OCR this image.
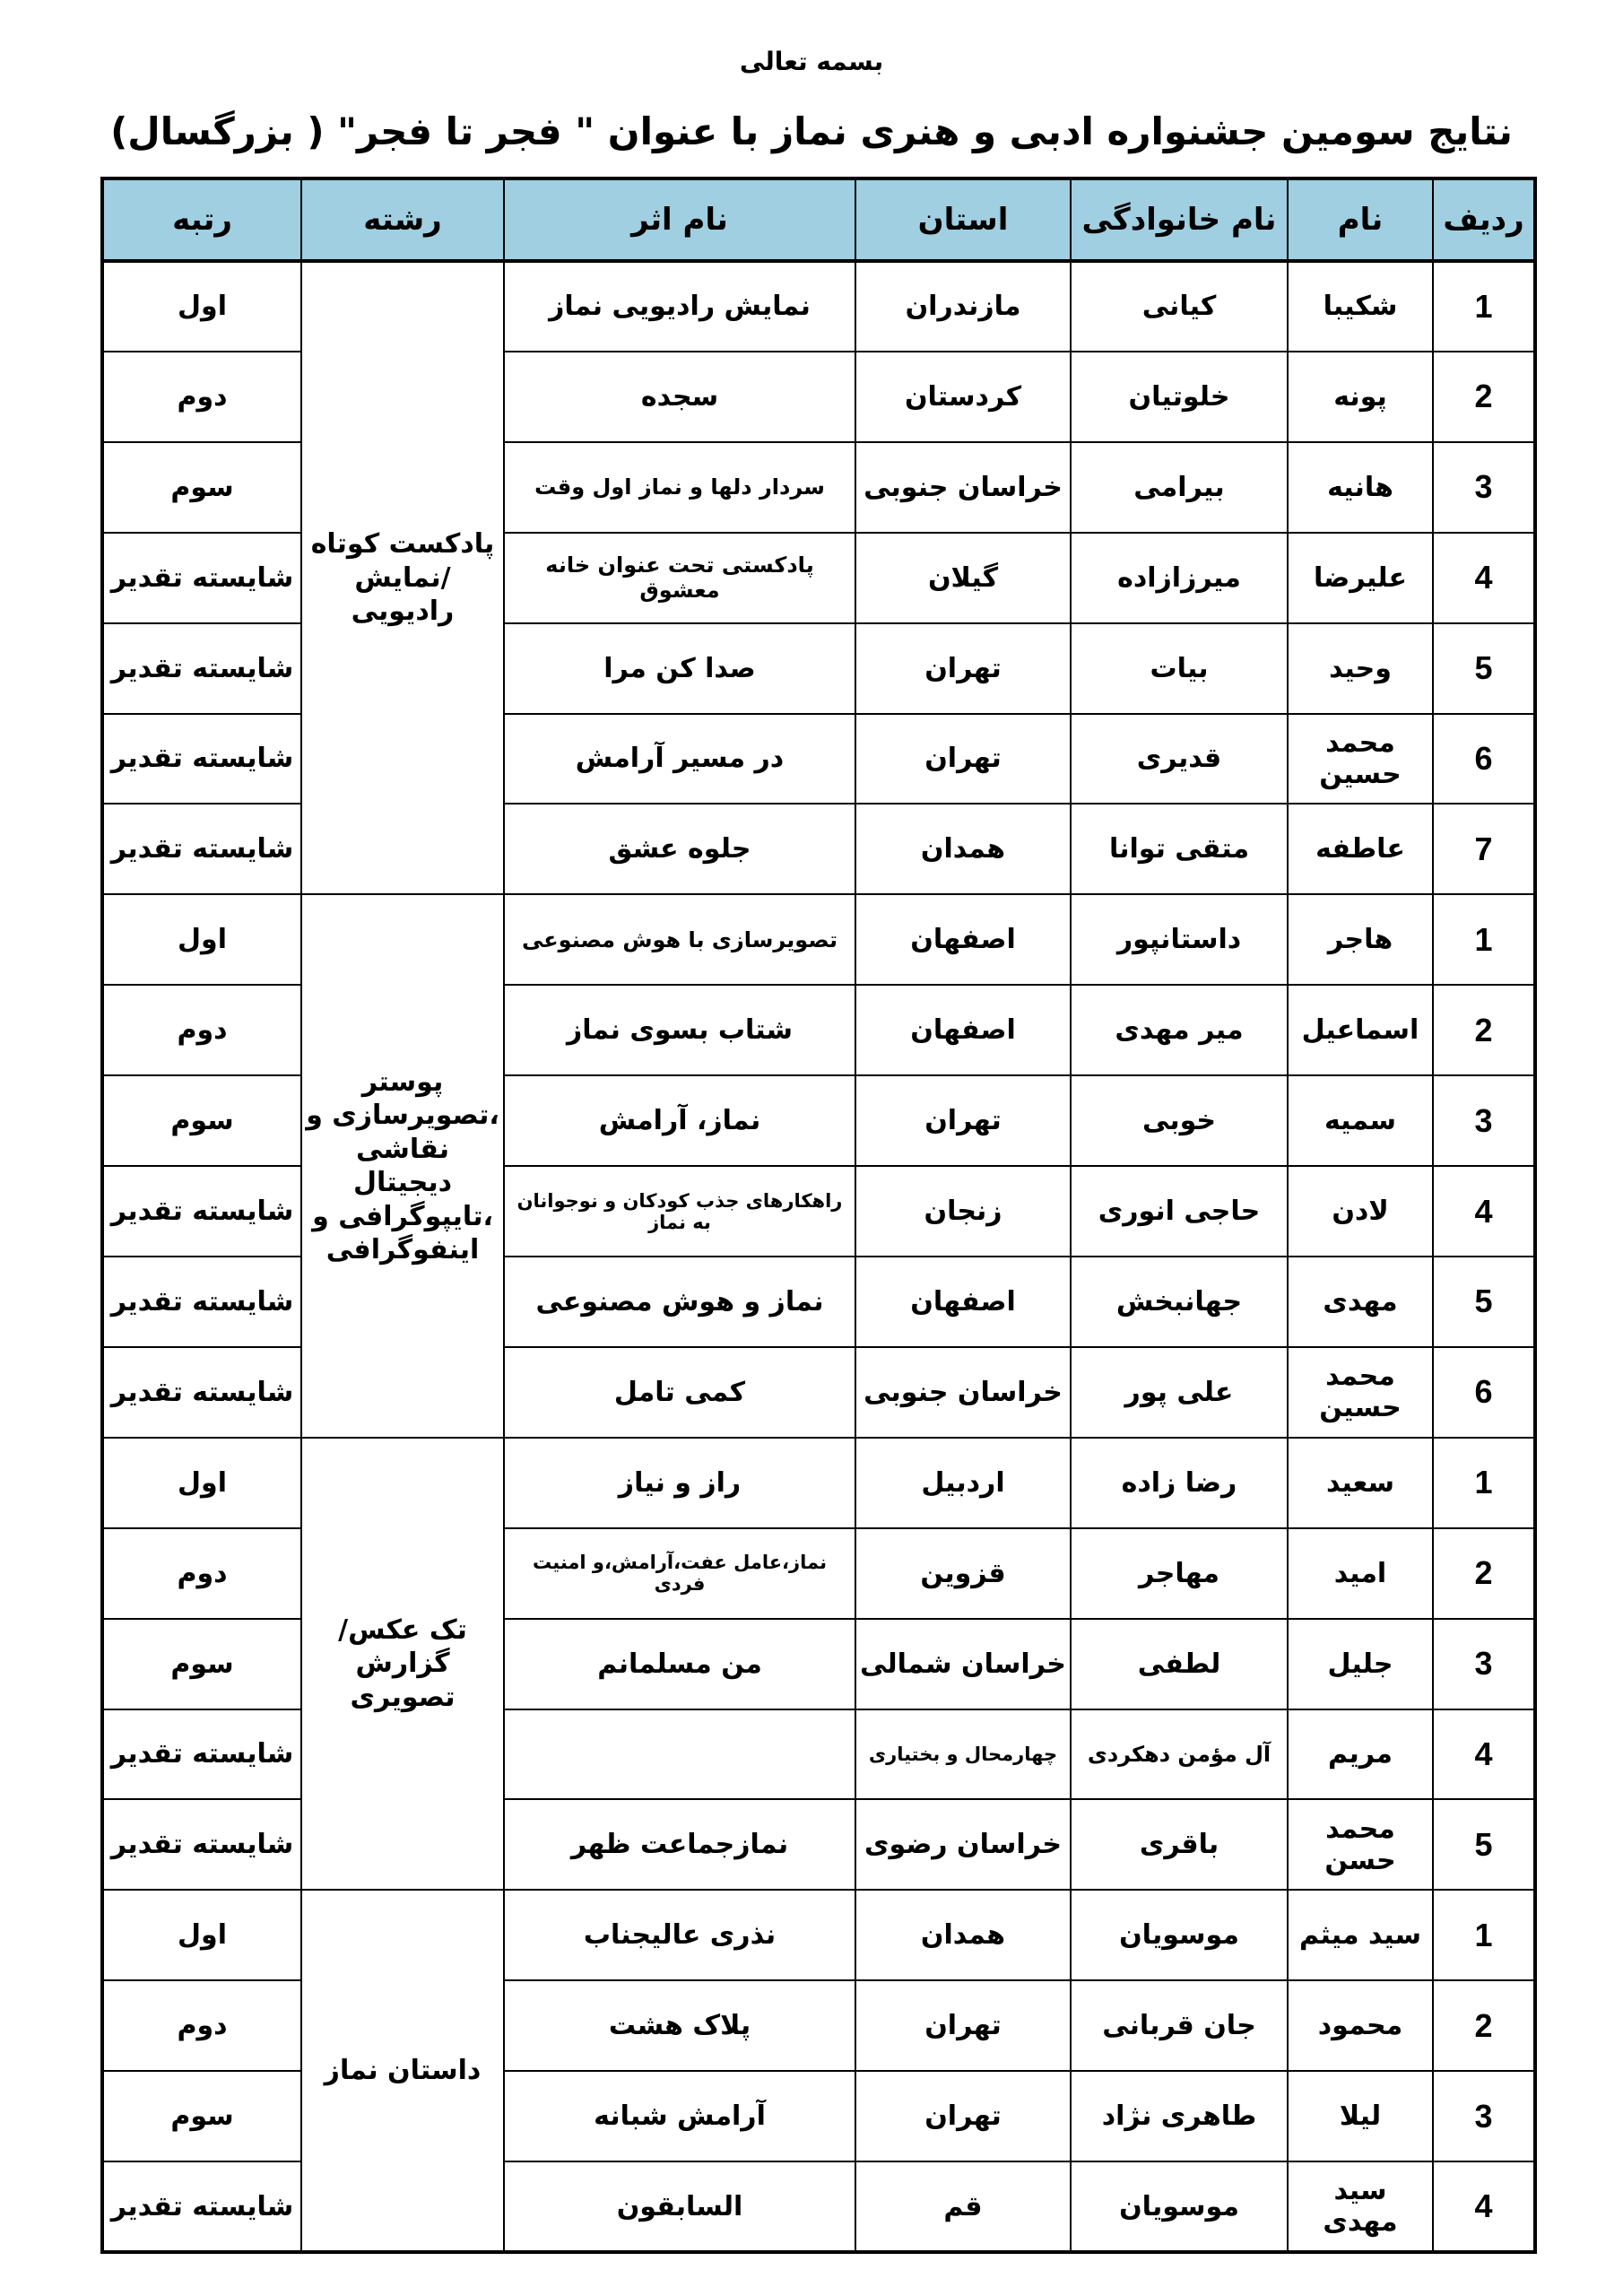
بسمه تعالی
نتایج سومین جشنواره ادبی و هنری نماز با عنوان " فجر تا فجر" ( بزرگسال)
ردیف	نام	نام خانوادگی	استان	نام اثر	رشته	رتبه
1	شکیبا	کیانی	مازندران	نمایش رادیویی نماز	پادکست کوتاه /نمایش رادیویی	اول
2	پونه	خلوتیان	کردستان	سجده		دوم
3	هانیه	بیرامی	خراسان جنوبی	سردار دلها و نماز اول وقت		سوم
4	علیرضا	میرزازاده	گیلان	پادکستی تحت عنوان خانه معشوق		شایسته تقدیر
5	وحید	بیات	تهران	صدا کن مرا		شایسته تقدیر
6	محمد حسین	قدیری	تهران	در مسیر آرامش		شایسته تقدیر
7	عاطفه	متقی توانا	همدان	جلوه عشق		شایسته تقدیر
1	هاجر	داستانپور	اصفهان	تصویرسازی با هوش مصنوعی	پوستر ،تصویرسازی و نقاشی دیجیتال ،تایپوگرافی و اینفوگرافی	اول
2	اسماعیل	میر مهدی	اصفهان	شتاب بسوی نماز		دوم
3	سمیه	خوبی	تهران	نماز، آرامش		سوم
4	لادن	حاجی انوری	زنجان	راهکارهای جذب کودکان و نوجوانان به نماز		شایسته تقدیر
5	مهدی	جهانبخش	اصفهان	نماز و هوش مصنوعی		شایسته تقدیر
6	محمد حسین	علی پور	خراسان جنوبی	کمی تامل		شایسته تقدیر
1	سعید	رضا زاده	اردبیل	راز و نیاز	تک عکس/گزارش تصویری	اول
2	امید	مهاجر	قزوین	نماز،عامل عفت،آرامش،و امنیت فردی		دوم
3	جلیل	لطفی	خراسان شمالی	من مسلمانم		سوم
4	مریم	آل مؤمن دهکردی	چهارمحال و بختیاری			شایسته تقدیر
5	محمد حسن	باقری	خراسان رضوی	نمازجماعت ظهر		شایسته تقدیر
1	سید میثم	موسویان	همدان	نذری عالیجناب	داستان نماز	اول
2	محمود	جان قربانی	تهران	پلاک هشت		دوم
3	لیلا	طاهری نژاد	تهران	آرامش شبانه		سوم
4	سید مهدی	موسویان	قم	السابقون		شایسته تقدیر
